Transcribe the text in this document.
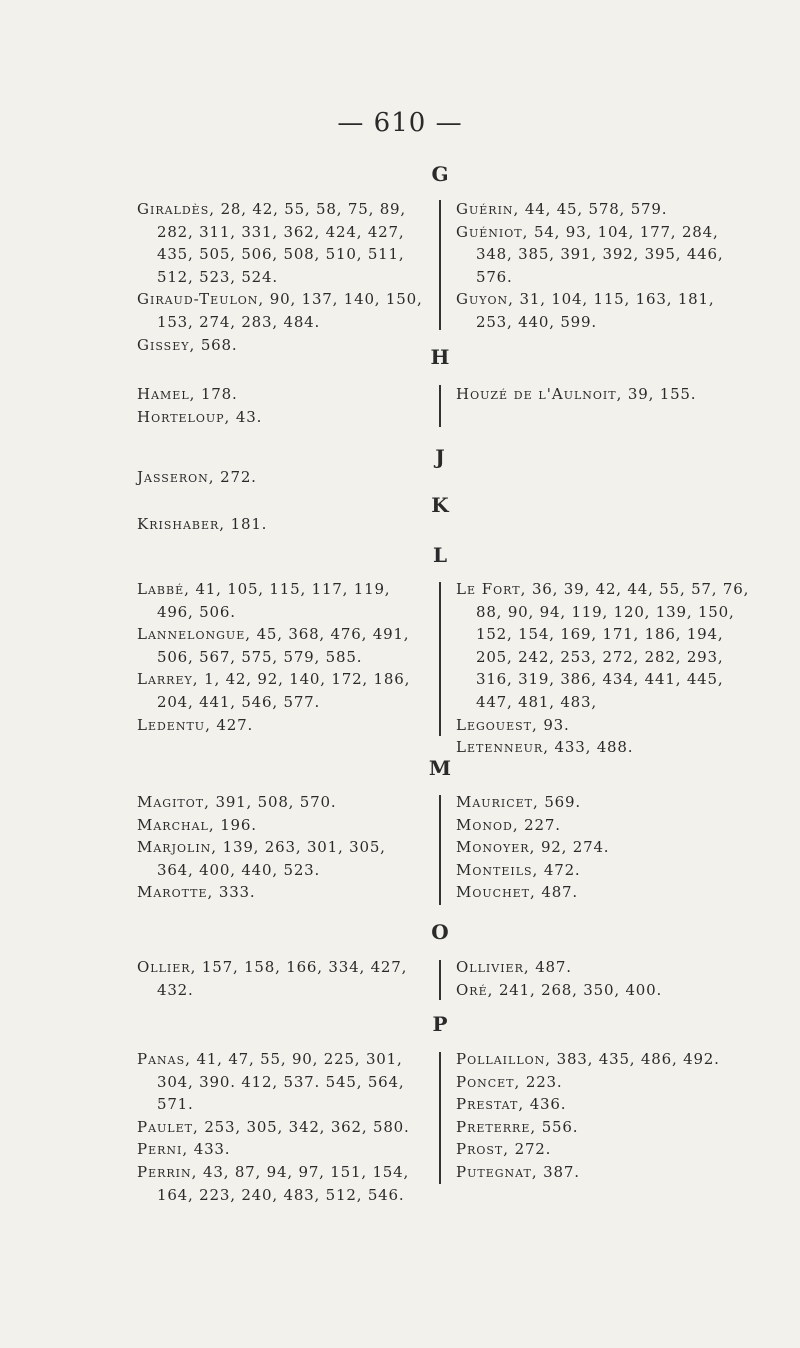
— 610 —
G
Giraldès, 28, 42, 55, 58, 75, 89, 282, 311, 331, 362, 424, 427, 435, 505, 506, 508, 510, 511, 512, 523, 524.
Giraud-Teulon, 90, 137, 140, 150, 153, 274, 283, 484.
Gissey, 568.
Guérin, 44, 45, 578, 579.
Guéniot, 54, 93, 104, 177, 284, 348, 385, 391, 392, 395, 446, 576.
Guyon, 31, 104, 115, 163, 181, 253, 440, 599.
H
Hamel, 178.
Horteloup, 43.
Houzé de l'Aulnoit, 39, 155.
J
Jasseron, 272.
K
Krishaber, 181.
L
Labbé, 41, 105, 115, 117, 119, 496, 506.
Lannelongue, 45, 368, 476, 491, 506, 567, 575, 579, 585.
Larrey, 1, 42, 92, 140, 172, 186, 204, 441, 546, 577.
Ledentu, 427.
Le Fort, 36, 39, 42, 44, 55, 57, 76, 88, 90, 94, 119, 120, 139, 150, 152, 154, 169, 171, 186, 194, 205, 242, 253, 272, 282, 293, 316, 319, 386, 434, 441, 445, 447, 481, 483,
Legouest, 93.
Letenneur, 433, 488.
M
Magitot, 391, 508, 570.
Marchal, 196.
Marjolin, 139, 263, 301, 305, 364, 400, 440, 523.
Marotte, 333.
Mauricet, 569.
Monod, 227.
Monoyer, 92, 274.
Monteils, 472.
Mouchet, 487.
O
Ollier, 157, 158, 166, 334, 427, 432.
Ollivier, 487.
Oré, 241, 268, 350, 400.
P
Panas, 41, 47, 55, 90, 225, 301, 304, 390. 412, 537. 545, 564, 571.
Paulet, 253, 305, 342, 362, 580.
Perni, 433.
Perrin, 43, 87, 94, 97, 151, 154, 164, 223, 240, 483, 512, 546.
Pollaillon, 383, 435, 486, 492.
Poncet, 223.
Prestat, 436.
Preterre, 556.
Prost, 272.
Putegnat, 387.
